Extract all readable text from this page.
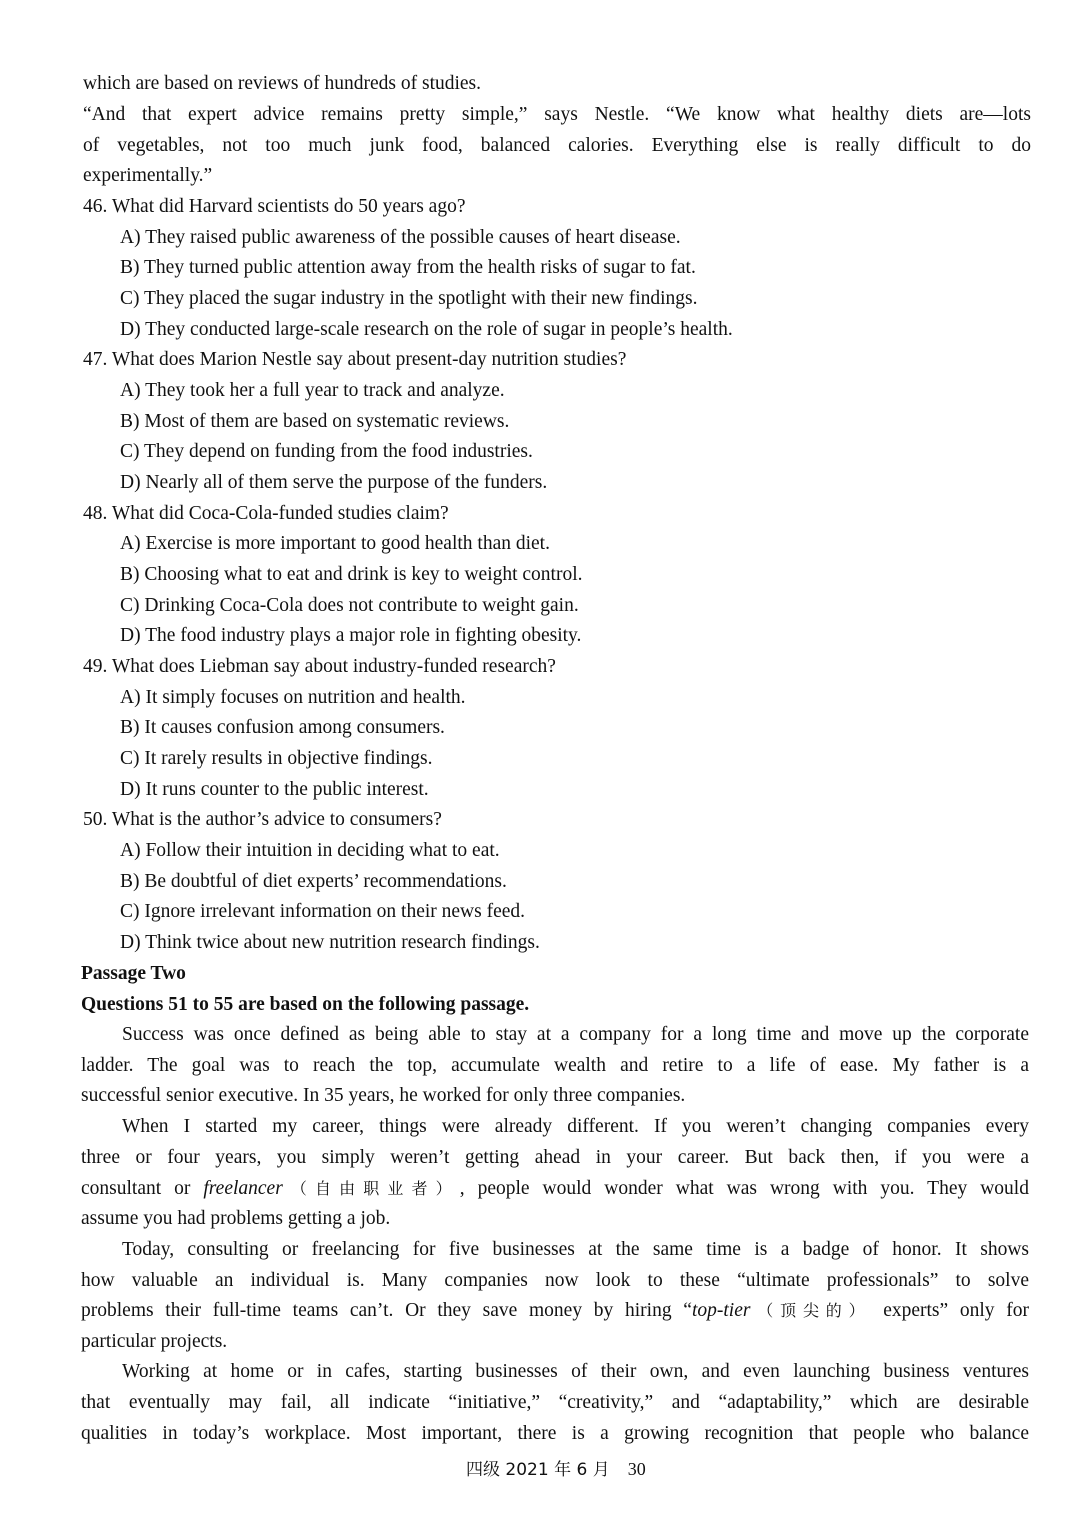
which are based on reviews of hundreds of studies.
“And that expert advice remains pretty simple,” says Nestle. “We know what healthy diets are—lots
of vegetables, not too much junk food, balanced calories. Everything else is really difficult to do
experimentally.”
46. What did Harvard scientists do 50 years ago?
A) They raised public awareness of the possible causes of heart disease.
B) They turned public attention away from the health risks of sugar to fat.
C) They placed the sugar industry in the spotlight with their new findings.
D) They conducted large-scale research on the role of sugar in people’s health.
47. What does Marion Nestle say about present-day nutrition studies?
A) They took her a full year to track and analyze.
B) Most of them are based on systematic reviews.
C) They depend on funding from the food industries.
D) Nearly all of them serve the purpose of the funders.
48. What did Coca-Cola-funded studies claim?
A) Exercise is more important to good health than diet.
B) Choosing what to eat and drink is key to weight control.
C) Drinking Coca-Cola does not contribute to weight gain.
D) The food industry plays a major role in fighting obesity.
49. What does Liebman say about industry-funded research?
A) It simply focuses on nutrition and health.
B) It causes confusion among consumers.
C) It rarely results in objective findings.
D) It runs counter to the public interest.
50. What is the author’s advice to consumers?
A) Follow their intuition in deciding what to eat.
B) Be doubtful of diet experts’ recommendations.
C) Ignore irrelevant information on their news feed.
D) Think twice about new nutrition research findings.
Passage Two
Questions 51 to 55 are based on the following passage.
Success was once defined as being able to stay at a company for a long time and move up the corporate
ladder. The goal was to reach the top, accumulate wealth and retire to a life of ease. My father is a
successful senior executive. In 35 years, he worked for only three companies.
When I started my career, things were already different. If you weren’t changing companies every
three or four years, you simply weren’t getting ahead in your career. But back then, if you were a
consultant or freelancer（自由职业者）, people would wonder what was wrong with you. They would
assume you had problems getting a job.
Today, consulting or freelancing for five businesses at the same time is a badge of honor. It shows
how valuable an individual is. Many companies now look to these “ultimate professionals” to solve
problems their full-time teams can’t. Or they save money by hiring “top-tier（顶尖的） experts” only for
particular projects.
Working at home or in cafes, starting businesses of their own, and even launching business ventures
that eventually may fail, all indicate “initiative,” “creativity,” and “adaptability,” which are desirable
qualities in today’s workplace. Most important, there is a growing recognition that people who balance
四级 2021 年 6 月 30
